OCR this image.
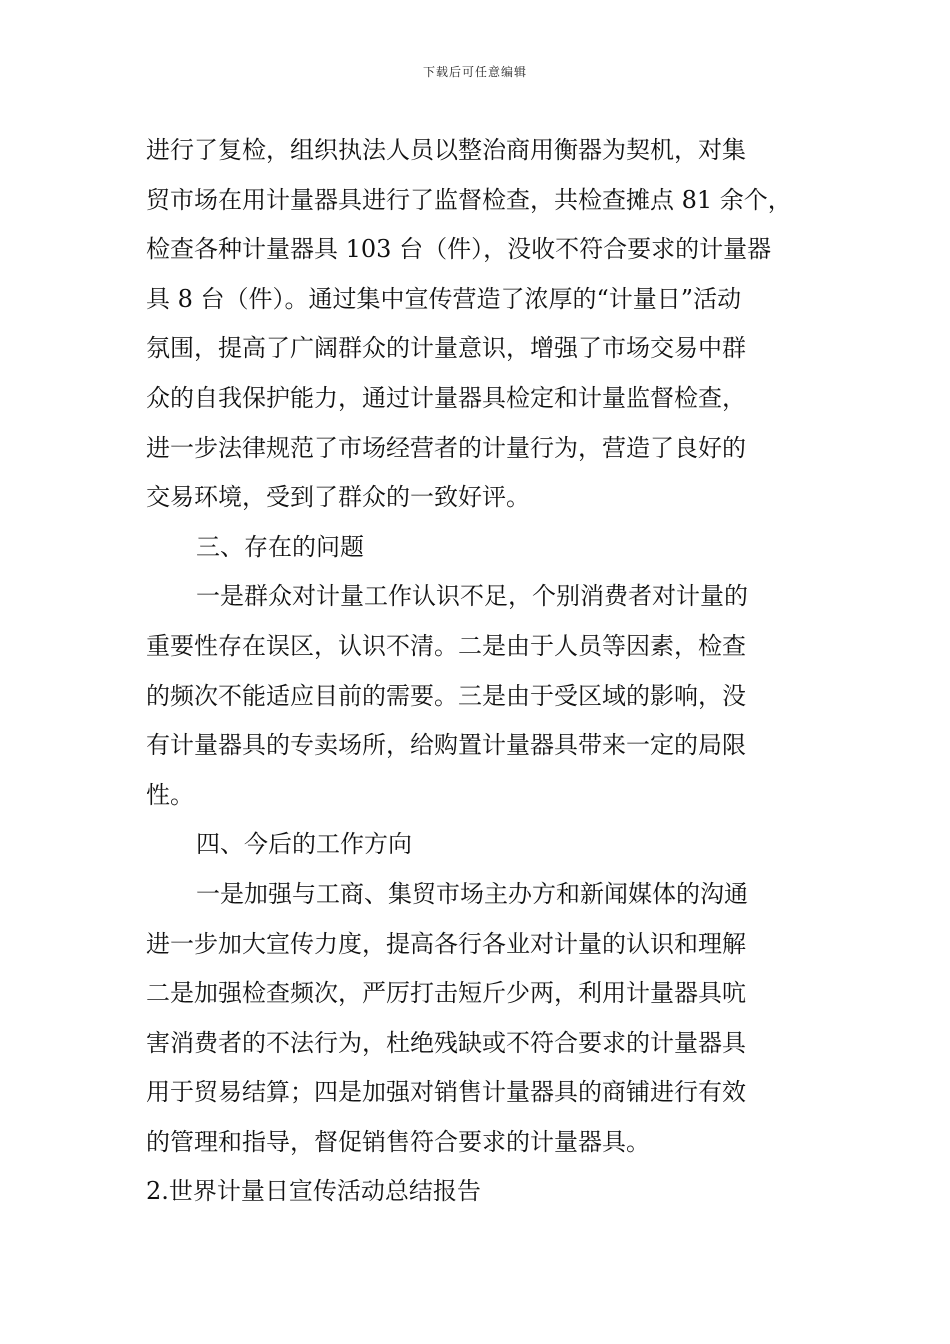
下载后可任意编辑
进行了复检，组织执法人员以整治商用衡器为契机，对集
贸市场在用计量器具进行了监督检查，共检查摊点 81 余个，
检查各种计量器具 103 台（件），没收不符合要求的计量器
具 8 台（件）。通过集中宣传营造了浓厚的“计量日”活动
氛围，提高了广阔群众的计量意识，增强了市场交易中群
众的自我保护能力，通过计量器具检定和计量监督检查，
进一步法律规范了市场经营者的计量行为，营造了良好的
交易环境，受到了群众的一致好评。
三、存在的问题
一是群众对计量工作认识不足，个别消费者对计量的
重要性存在误区，认识不清。二是由于人员等因素，检查
的频次不能适应目前的需要。三是由于受区域的影响，没
有计量器具的专卖场所，给购置计量器具带来一定的局限
性。
四、今后的工作方向
一是加强与工商、集贸市场主办方和新闻媒体的沟通
进一步加大宣传力度，提高各行各业对计量的认识和理解
二是加强检查频次，严厉打击短斤少两，利用计量器具吭
害消费者的不法行为，杜绝残缺或不符合要求的计量器具
用于贸易结算；四是加强对销售计量器具的商铺进行有效
的管理和指导，督促销售符合要求的计量器具。
2.世界计量日宣传活动总结报告
